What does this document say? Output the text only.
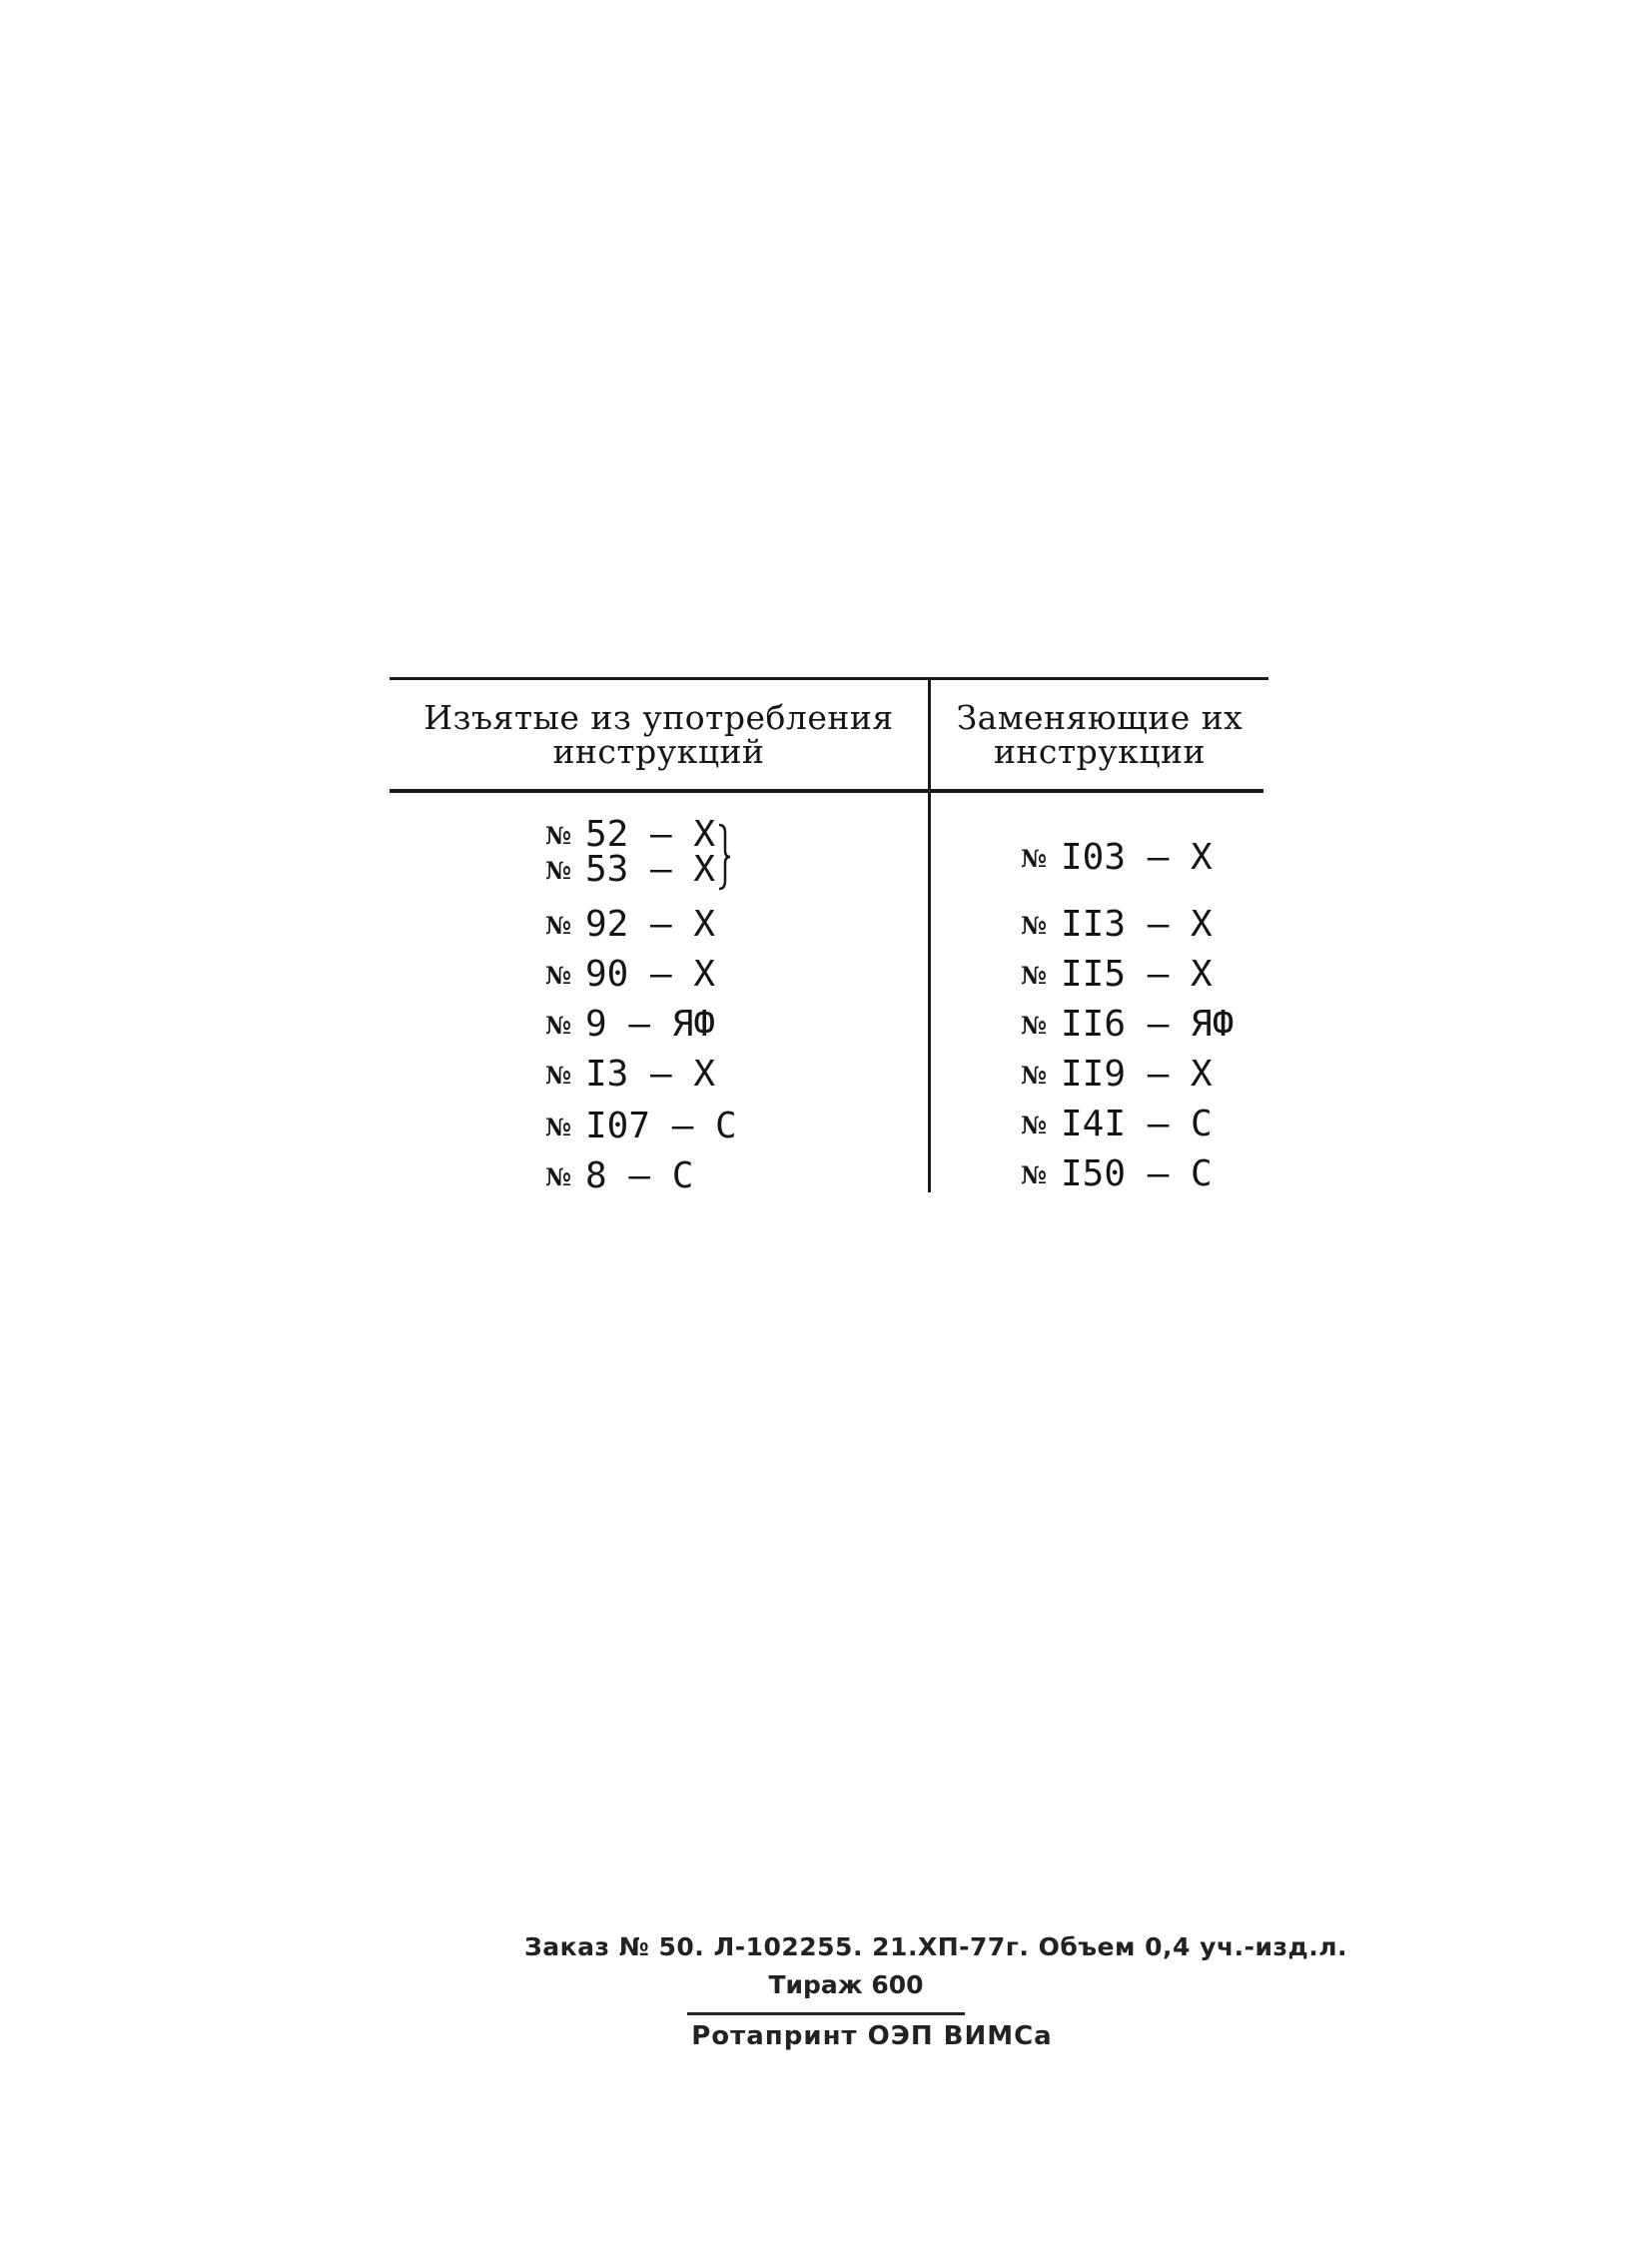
Изъятые из употребления
инструкций
Заменяющие их
инструкции
№ 52 – X
№ 53 – X
№ 92 – X
№ 90 – X
№ 9 – ЯФ
№ I3 – X
№ I07 – C
№ 8 – C
№ I03 – X
№ II3 – X
№ II5 – X
№ II6 – ЯФ
№ II9 – X
№ I4I – C
№ I50 – C
Заказ № 50. Л-102255. 21.XП-77г. Объем 0,4 уч.-изд.л.
Тираж 600
Ротапринт ОЭП ВИМСа
